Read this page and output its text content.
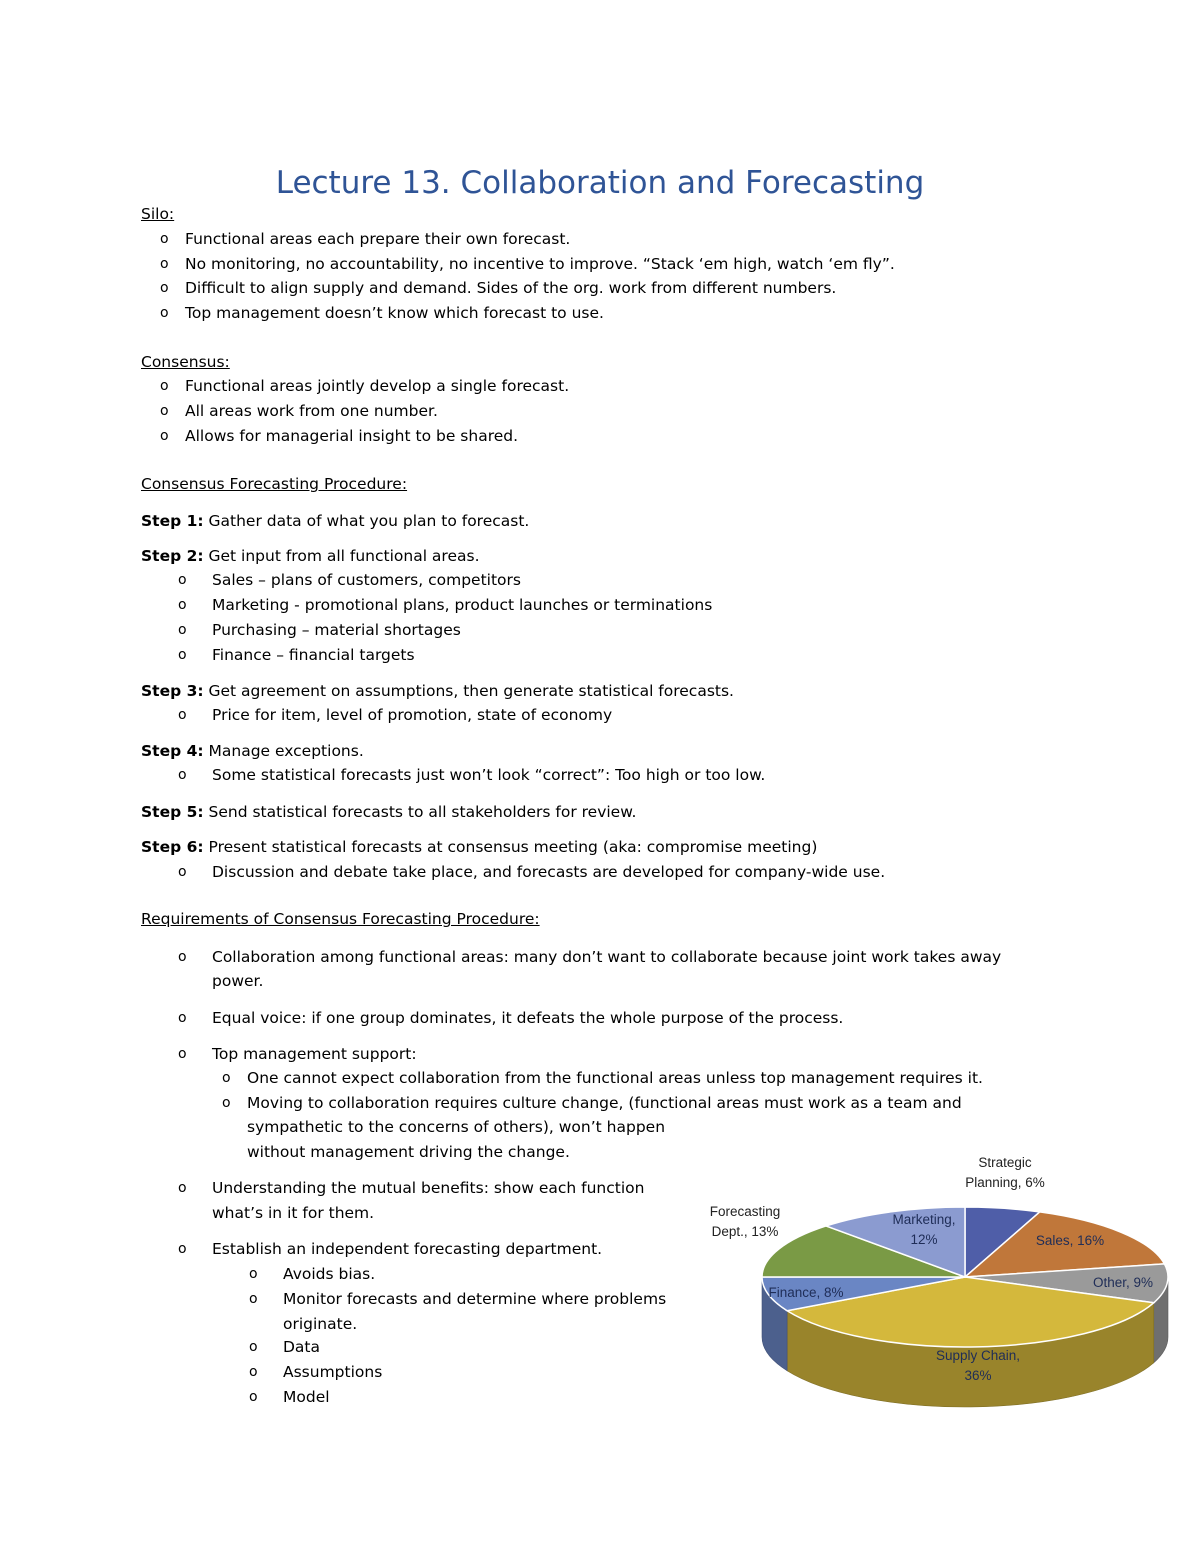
Lecture 13. Collaboration and Forecasting
Silo:
o Functional areas each prepare their own forecast.
o No monitoring, no accountability, no incentive to improve. “Stack ‘em high, watch ‘em fly”.
o Difficult to align supply and demand. Sides of the org. work from different numbers.
o Top management doesn’t know which forecast to use.
Consensus:
o Functional areas jointly develop a single forecast.
o All areas work from one number.
o Allows for managerial insight to be shared.
Consensus Forecasting Procedure:
Step 1: Gather data of what you plan to forecast.
Step 2: Get input from all functional areas.
o Sales – plans of customers, competitors
o Marketing - promotional plans, product launches or terminations
o Purchasing – material shortages
o Finance – financial targets
Step 3: Get agreement on assumptions, then generate statistical forecasts.
o Price for item, level of promotion, state of economy
Step 4: Manage exceptions.
o Some statistical forecasts just won’t look “correct”: Too high or too low.
Step 5: Send statistical forecasts to all stakeholders for review.
Step 6: Present statistical forecasts at consensus meeting (aka: compromise meeting)
o Discussion and debate take place, and forecasts are developed for company-wide use.
Requirements of Consensus Forecasting Procedure:
o Collaboration among functional areas: many don’t want to collaborate because joint work takes away
power.
o Equal voice: if one group dominates, it defeats the whole purpose of the process.
o Top management support:
o One cannot expect collaboration from the functional areas unless top management requires it.
o Moving to collaboration requires culture change, (functional areas must work as a team and
sympathetic to the concerns of others), won’t happen
without management driving the change.
o Understanding the mutual benefits: show each function
what’s in it for them.
o Establish an independent forecasting department.
o Avoids bias.
o Monitor forecasts and determine where problems
originate.
o Data
o Assumptions
o Model
Strategic
Planning, 6%
Sales, 16%
Other, 9%
Supply Chain,
36%
Finance, 8%
Forecasting
Dept., 13%
Marketing,
12%
